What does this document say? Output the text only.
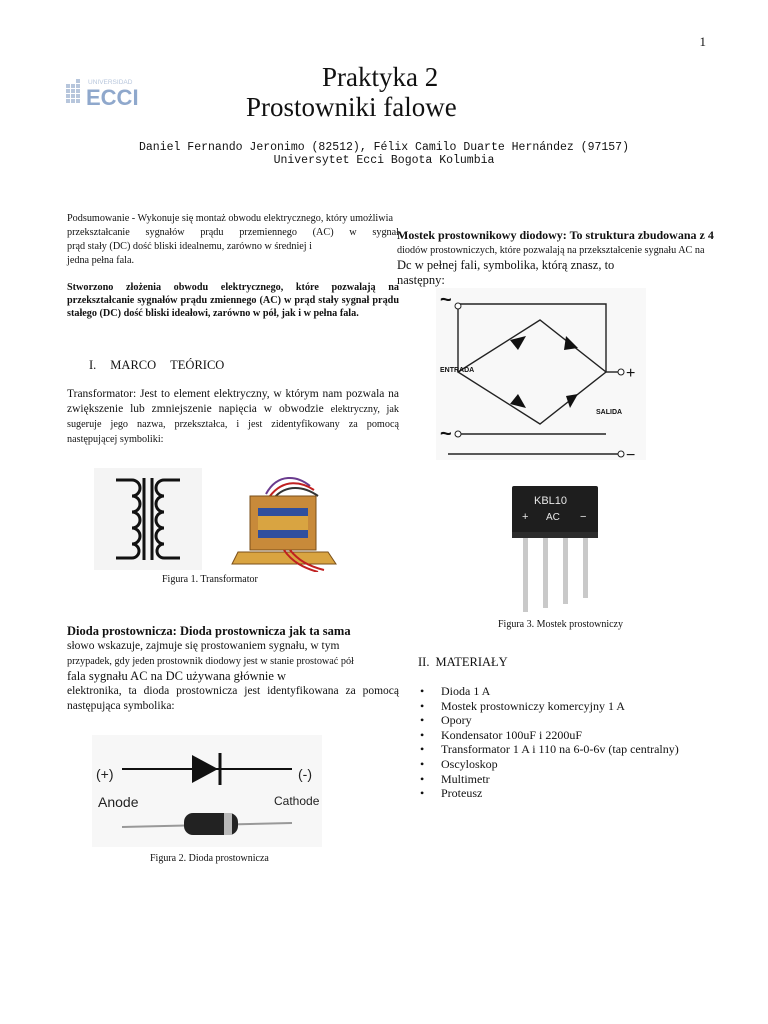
1
UNIVERSIDAD
ECCI
Praktyka 2
Prostowniki falowe
Daniel Fernando Jeronimo (82512), Félix Camilo Duarte Hernández (97157)
Universytet Ecci Bogota Kolumbia
Podsumowanie - Wykonuje się montaż obwodu elektrycznego, który umożliwia
przekształcanie sygnałów prądu przemiennego (AC) w sygnał
prąd stały (DC) dość bliski idealnemu, zarówno w średniej i
jedna pełna fala.
Stworzono złożenia obwodu elektrycznego, które pozwalają na przekształcanie sygnałów prądu zmiennego (AC) w prąd stały sygnał prądu stałego (DC) dość bliski ideałowi, zarówno w pół, jak i w pełna fala.
I. MARCO TEÓRICO
Transformator: Jest to element elektryczny, w którym nam pozwala na zwiększenie lub zmniejszenie napięcia w obwodzie elektryczny, jak sugeruje jego nazwa, przekształca, i jest zidentyfikowany za pomocą następującej symboliki:
Figura 1. Transformator
Dioda prostownicza: Dioda prostownicza jak ta sama
słowo wskazuje, zajmuje się prostowaniem sygnału, w tym
przypadek, gdy jeden prostownik diodowy jest w stanie prostować pół
fala sygnału AC na DC używana głównie w
elektronika, ta dioda prostownicza jest identyfikowana za pomocą następująca symbolika:
(+)	(-)
Anode	Cathode
Figura 2. Dioda prostownicza
Mostek prostownikowy diodowy: To struktura zbudowana z 4
diodów prostowniczych, które pozwalają na przekształcenie sygnału AC na
Dc w pełnej fali, symbolika, którą znasz, to
następny:
~
~
+
−
ENTRADA
SALIDA
KBL10
+ AC −
Figura 3. Mostek prostowniczy
II. MATERIAŁY
• Dioda 1 A
• Mostek prostowniczy komercyjny 1 A
• Opory
• Kondensator 100uF i 2200uF
• Transformator 1 A i 110 na 6-0-6v (tap centralny)
• Oscyloskop
• Multimetr
• Proteusz
